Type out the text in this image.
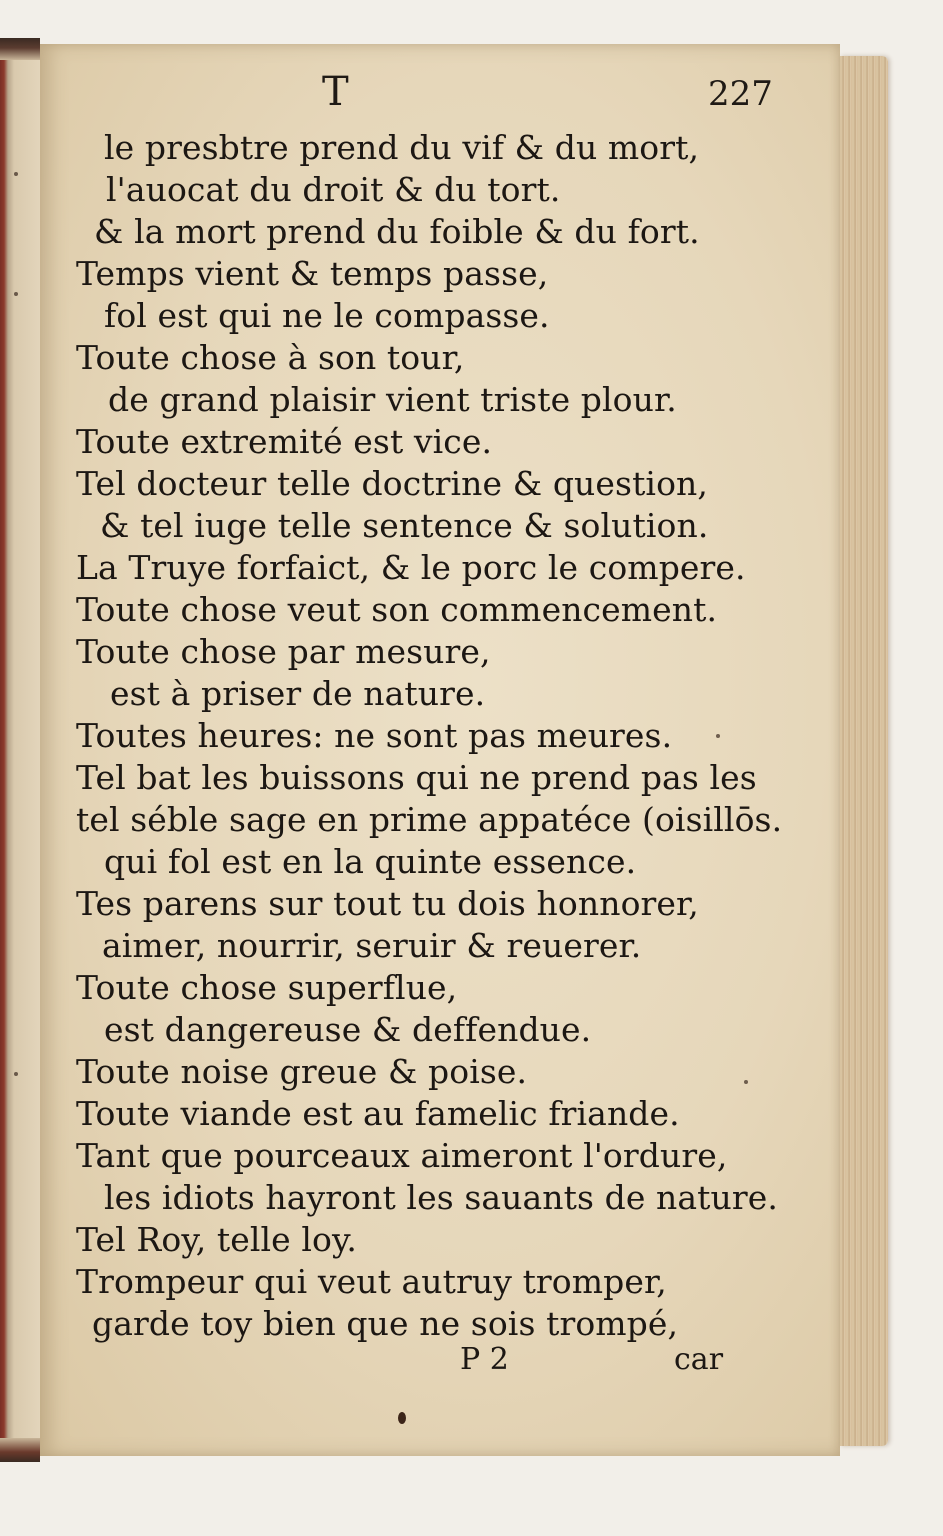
T	227
le presbtre prend du vif & du mort,
l'auocat du droit & du tort.
& la mort prend du foible & du fort.
Temps vient & temps passe,
fol est qui ne le compasse.
Toute chose à son tour,
de grand plaisir vient triste plour.
Toute extremité est vice.
Tel docteur telle doctrine & question,
& tel iuge telle sentence & solution.
La Truye forfaict, & le porc le compere.
Toute chose veut son commencement.
Toute chose par mesure,
est à priser de nature.
Toutes heures: ne sont pas meures.
Tel bat les buissons qui ne prend pas les
tel séble sage en prime appatéce (oisillōs.
qui fol est en la quinte essence.
Tes parens sur tout tu dois honnorer,
aimer, nourrir, seruir & reuerer.
Toute chose superflue,
est dangereuse & deffendue.
Toute noise greue & poise.
Toute viande est au famelic friande.
Tant que pourceaux aimeront l'ordure,
les idiots hayront les sauants de nature.
Tel Roy, telle loy.
Trompeur qui veut autruy tromper,
garde toy bien que ne sois trompé,
P 2	car
